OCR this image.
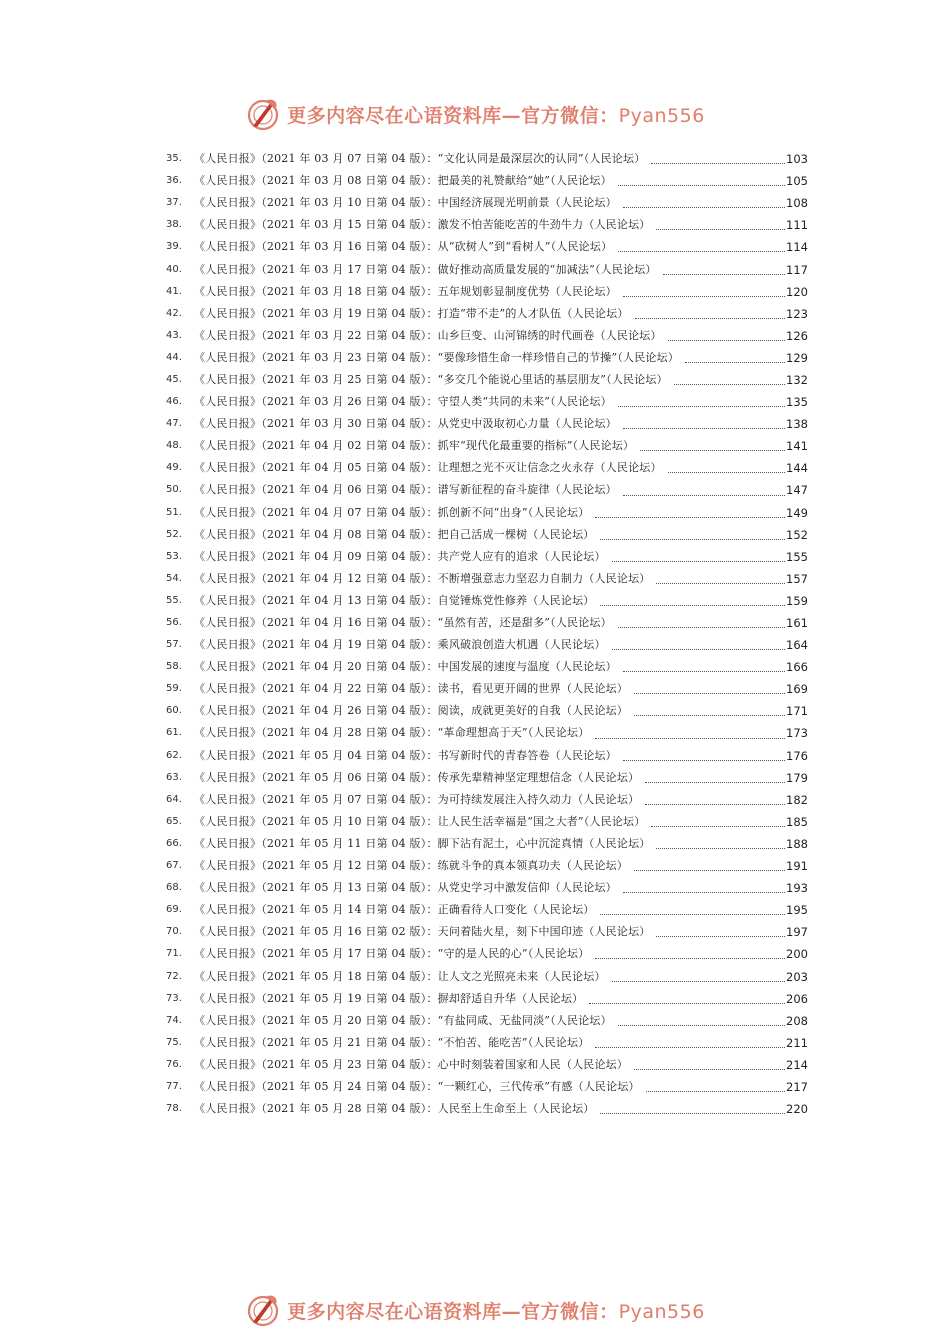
更多内容尽在心语资料库—官方微信：Pyan556
35.	《人民日报》（2021 年 03 月 07 日第 04 版）： “文化认同是最深层次的认同”（人民论坛）	103
36.	《人民日报》（2021 年 03 月 08 日第 04 版）： 把最美的礼赞献给“她”（人民论坛）	105
37.	《人民日报》（2021 年 03 月 10 日第 04 版）： 中国经济展现光明前景（人民论坛）	108
38.	《人民日报》（2021 年 03 月 15 日第 04 版）： 激发不怕苦能吃苦的牛劲牛力（人民论坛）	111
39.	《人民日报》（2021 年 03 月 16 日第 04 版）： 从“砍树人”到“看树人”（人民论坛）	114
40.	《人民日报》（2021 年 03 月 17 日第 04 版）： 做好推动高质量发展的“加减法”（人民论坛）	117
41.	《人民日报》（2021 年 03 月 18 日第 04 版）： 五年规划彰显制度优势（人民论坛）	120
42.	《人民日报》（2021 年 03 月 19 日第 04 版）： 打造“带不走”的人才队伍（人民论坛）	123
43.	《人民日报》（2021 年 03 月 22 日第 04 版）： 山乡巨变、山河锦绣的时代画卷（人民论坛）	126
44.	《人民日报》（2021 年 03 月 23 日第 04 版）： “要像珍惜生命一样珍惜自己的节操”（人民论坛）	129
45.	《人民日报》（2021 年 03 月 25 日第 04 版）： “多交几个能说心里话的基层朋友”（人民论坛）	132
46.	《人民日报》（2021 年 03 月 26 日第 04 版）： 守望人类“共同的未来”（人民论坛）	135
47.	《人民日报》（2021 年 03 月 30 日第 04 版）： 从党史中汲取初心力量（人民论坛）	138
48.	《人民日报》（2021 年 04 月 02 日第 04 版）： 抓牢“现代化最重要的指标”（人民论坛）	141
49.	《人民日报》（2021 年 04 月 05 日第 04 版）： 让理想之光不灭让信念之火永存（人民论坛）	144
50.	《人民日报》（2021 年 04 月 06 日第 04 版）： 谱写新征程的奋斗旋律（人民论坛）	147
51.	《人民日报》（2021 年 04 月 07 日第 04 版）： 抓创新不问“出身”（人民论坛）	149
52.	《人民日报》（2021 年 04 月 08 日第 04 版）： 把自己活成一棵树（人民论坛）	152
53.	《人民日报》（2021 年 04 月 09 日第 04 版）： 共产党人应有的追求（人民论坛）	155
54.	《人民日报》（2021 年 04 月 12 日第 04 版）： 不断增强意志力坚忍力自制力（人民论坛）	157
55.	《人民日报》（2021 年 04 月 13 日第 04 版）： 自觉锤炼党性修养（人民论坛）	159
56.	《人民日报》（2021 年 04 月 16 日第 04 版）： “虽然有苦，还是甜多”（人民论坛）	161
57.	《人民日报》（2021 年 04 月 19 日第 04 版）： 乘风破浪创造大机遇（人民论坛）	164
58.	《人民日报》（2021 年 04 月 20 日第 04 版）： 中国发展的速度与温度（人民论坛）	166
59.	《人民日报》（2021 年 04 月 22 日第 04 版）： 读书，看见更开阔的世界（人民论坛）	169
60.	《人民日报》（2021 年 04 月 26 日第 04 版）： 阅读，成就更美好的自我（人民论坛）	171
61.	《人民日报》（2021 年 04 月 28 日第 04 版）： “革命理想高于天”（人民论坛）	173
62.	《人民日报》（2021 年 05 月 04 日第 04 版）： 书写新时代的青春答卷（人民论坛）	176
63.	《人民日报》（2021 年 05 月 06 日第 04 版）： 传承先辈精神坚定理想信念（人民论坛）	179
64.	《人民日报》（2021 年 05 月 07 日第 04 版）： 为可持续发展注入持久动力（人民论坛）	182
65.	《人民日报》（2021 年 05 月 10 日第 04 版）： 让人民生活幸福是“国之大者”（人民论坛）	185
66.	《人民日报》（2021 年 05 月 11 日第 04 版）： 脚下沾有泥土，心中沉淀真情（人民论坛）	188
67.	《人民日报》（2021 年 05 月 12 日第 04 版）： 练就斗争的真本领真功夫（人民论坛）	191
68.	《人民日报》（2021 年 05 月 13 日第 04 版）： 从党史学习中激发信仰（人民论坛）	193
69.	《人民日报》（2021 年 05 月 14 日第 04 版）： 正确看待人口变化（人民论坛）	195
70.	《人民日报》（2021 年 05 月 16 日第 02 版）： 天问着陆火星，刻下中国印迹（人民论坛）	197
71.	《人民日报》（2021 年 05 月 17 日第 04 版）： “守的是人民的心”（人民论坛）	200
72.	《人民日报》（2021 年 05 月 18 日第 04 版）： 让人文之光照亮未来（人民论坛）	203
73.	《人民日报》（2021 年 05 月 19 日第 04 版）： 摒却舒适自升华（人民论坛）	206
74.	《人民日报》（2021 年 05 月 20 日第 04 版）： “有盐同咸、无盐同淡”（人民论坛）	208
75.	《人民日报》（2021 年 05 月 21 日第 04 版）： “不怕苦、能吃苦”（人民论坛）	211
76.	《人民日报》（2021 年 05 月 23 日第 04 版）： 心中时刻装着国家和人民（人民论坛）	214
77.	《人民日报》（2021 年 05 月 24 日第 04 版）： “一颗红心，三代传承”有感（人民论坛）	217
78.	《人民日报》（2021 年 05 月 28 日第 04 版）： 人民至上生命至上（人民论坛）	220
更多内容尽在心语资料库—官方微信：Pyan556
